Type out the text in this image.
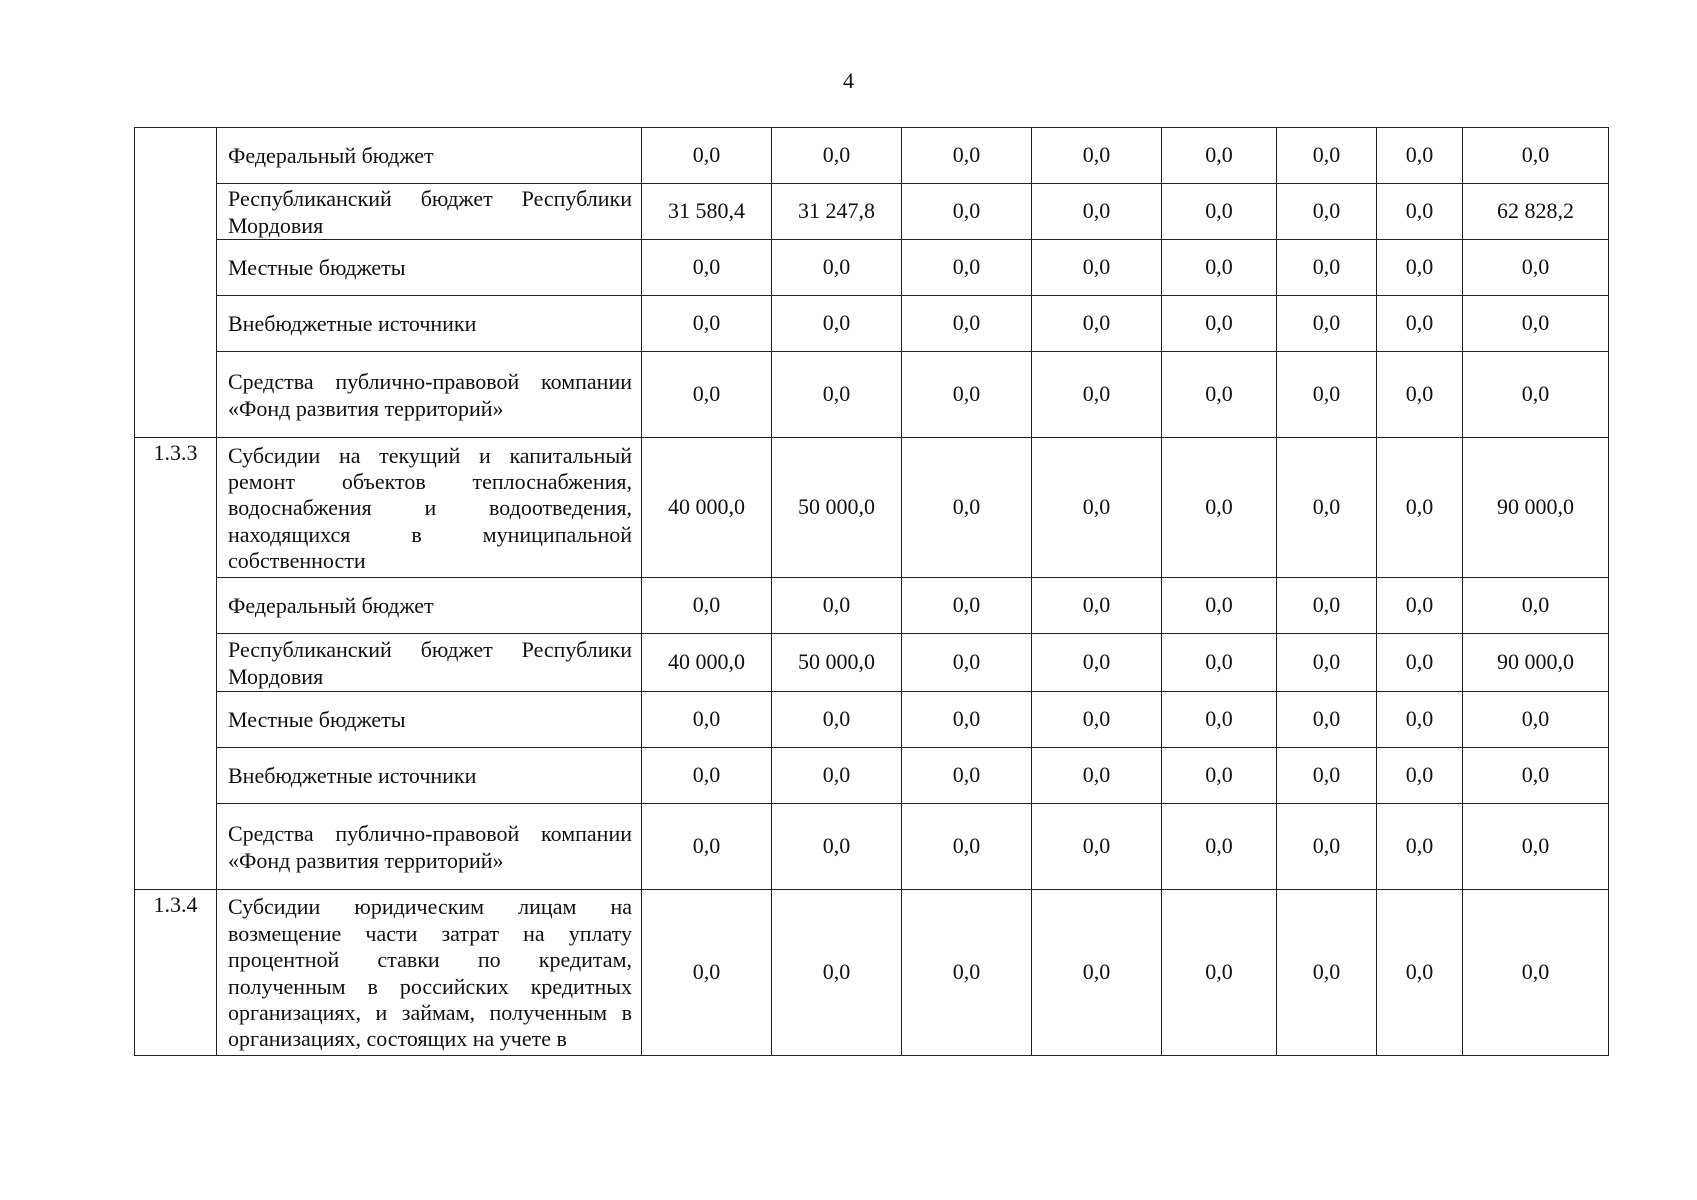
4
	Федеральный бюджет	0,0	0,0	0,0	0,0	0,0	0,0	0,0	0,0
	Республиканский бюджет Республики Мордовия	31 580,4	31 247,8	0,0	0,0	0,0	0,0	0,0	62 828,2
	Местные бюджеты	0,0	0,0	0,0	0,0	0,0	0,0	0,0	0,0
	Внебюджетные источники	0,0	0,0	0,0	0,0	0,0	0,0	0,0	0,0
	Средства публично-правовой компании «Фонд развития территорий»	0,0	0,0	0,0	0,0	0,0	0,0	0,0	0,0
1.3.3	Субсидии на текущий и капитальный ремонт объектов теплоснабжения, водоснабжения и водоотведения, находящихся в муниципальной собственности	40 000,0	50 000,0	0,0	0,0	0,0	0,0	0,0	90 000,0
	Федеральный бюджет	0,0	0,0	0,0	0,0	0,0	0,0	0,0	0,0
	Республиканский бюджет Республики Мордовия	40 000,0	50 000,0	0,0	0,0	0,0	0,0	0,0	90 000,0
	Местные бюджеты	0,0	0,0	0,0	0,0	0,0	0,0	0,0	0,0
	Внебюджетные источники	0,0	0,0	0,0	0,0	0,0	0,0	0,0	0,0
	Средства публично-правовой компании «Фонд развития территорий»	0,0	0,0	0,0	0,0	0,0	0,0	0,0	0,0
1.3.4	Субсидии юридическим лицам на возмещение части затрат на уплату процентной ставки по кредитам, полученным в российских кредитных организациях, и займам, полученным в организациях, состоящих на учете в	0,0	0,0	0,0	0,0	0,0	0,0	0,0	0,0
